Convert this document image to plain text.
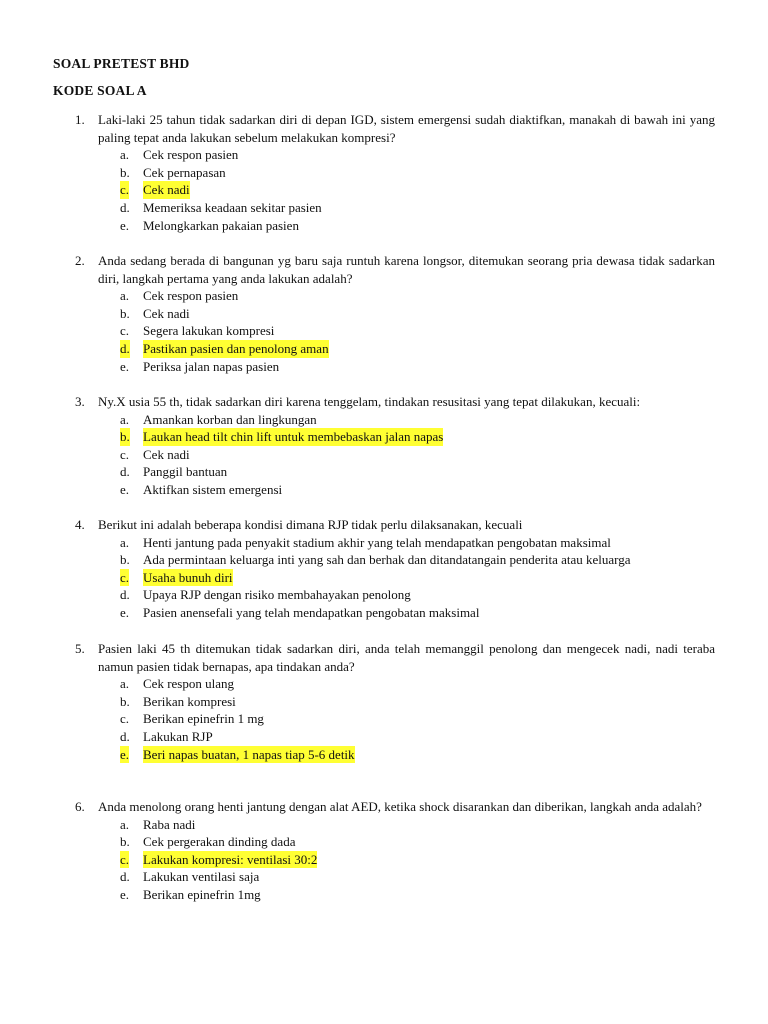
SOAL PRETEST BHD
KODE SOAL A
1. Laki-laki 25 tahun tidak sadarkan diri di depan IGD, sistem emergensi sudah diaktifkan, manakah di bawah ini yang paling tepat anda lakukan sebelum melakukan kompresi?
a. Cek respon pasien
b. Cek pernapasan
c. Cek nadi
d. Memeriksa keadaan sekitar pasien
e. Melongkarkan pakaian pasien
2. Anda sedang berada di bangunan yg baru saja runtuh karena longsor, ditemukan seorang pria dewasa tidak sadarkan diri, langkah pertama yang anda lakukan adalah?
a. Cek respon pasien
b. Cek nadi
c. Segera lakukan kompresi
d. Pastikan pasien dan penolong aman
e. Periksa jalan napas pasien
3. Ny.X usia 55 th, tidak sadarkan diri karena tenggelam, tindakan resusitasi yang tepat dilakukan, kecuali:
a. Amankan korban dan lingkungan
b. Laukan head tilt chin lift untuk membebaskan jalan napas
c. Cek nadi
d. Panggil bantuan
e. Aktifkan sistem emergensi
4. Berikut ini adalah beberapa kondisi dimana RJP tidak perlu dilaksanakan, kecuali
a. Henti jantung pada penyakit stadium akhir yang telah mendapatkan pengobatan maksimal
b. Ada permintaan keluarga inti yang sah dan berhak dan ditandatangain penderita atau keluarga
c. Usaha bunuh diri
d. Upaya RJP dengan risiko membahayakan penolong
e. Pasien anensefali yang telah mendapatkan pengobatan maksimal
5. Pasien laki 45 th ditemukan tidak sadarkan diri, anda telah memanggil penolong dan mengecek nadi, nadi teraba namun pasien tidak bernapas, apa tindakan anda?
a. Cek respon ulang
b. Berikan kompresi
c. Berikan epinefrin 1 mg
d. Lakukan RJP
e. Beri napas buatan, 1 napas tiap 5-6 detik
6. Anda menolong orang henti jantung dengan alat AED, ketika shock disarankan dan diberikan, langkah anda adalah?
a. Raba nadi
b. Cek pergerakan dinding dada
c. Lakukan kompresi: ventilasi 30:2
d. Lakukan ventilasi saja
e. Berikan epinefrin 1mg
